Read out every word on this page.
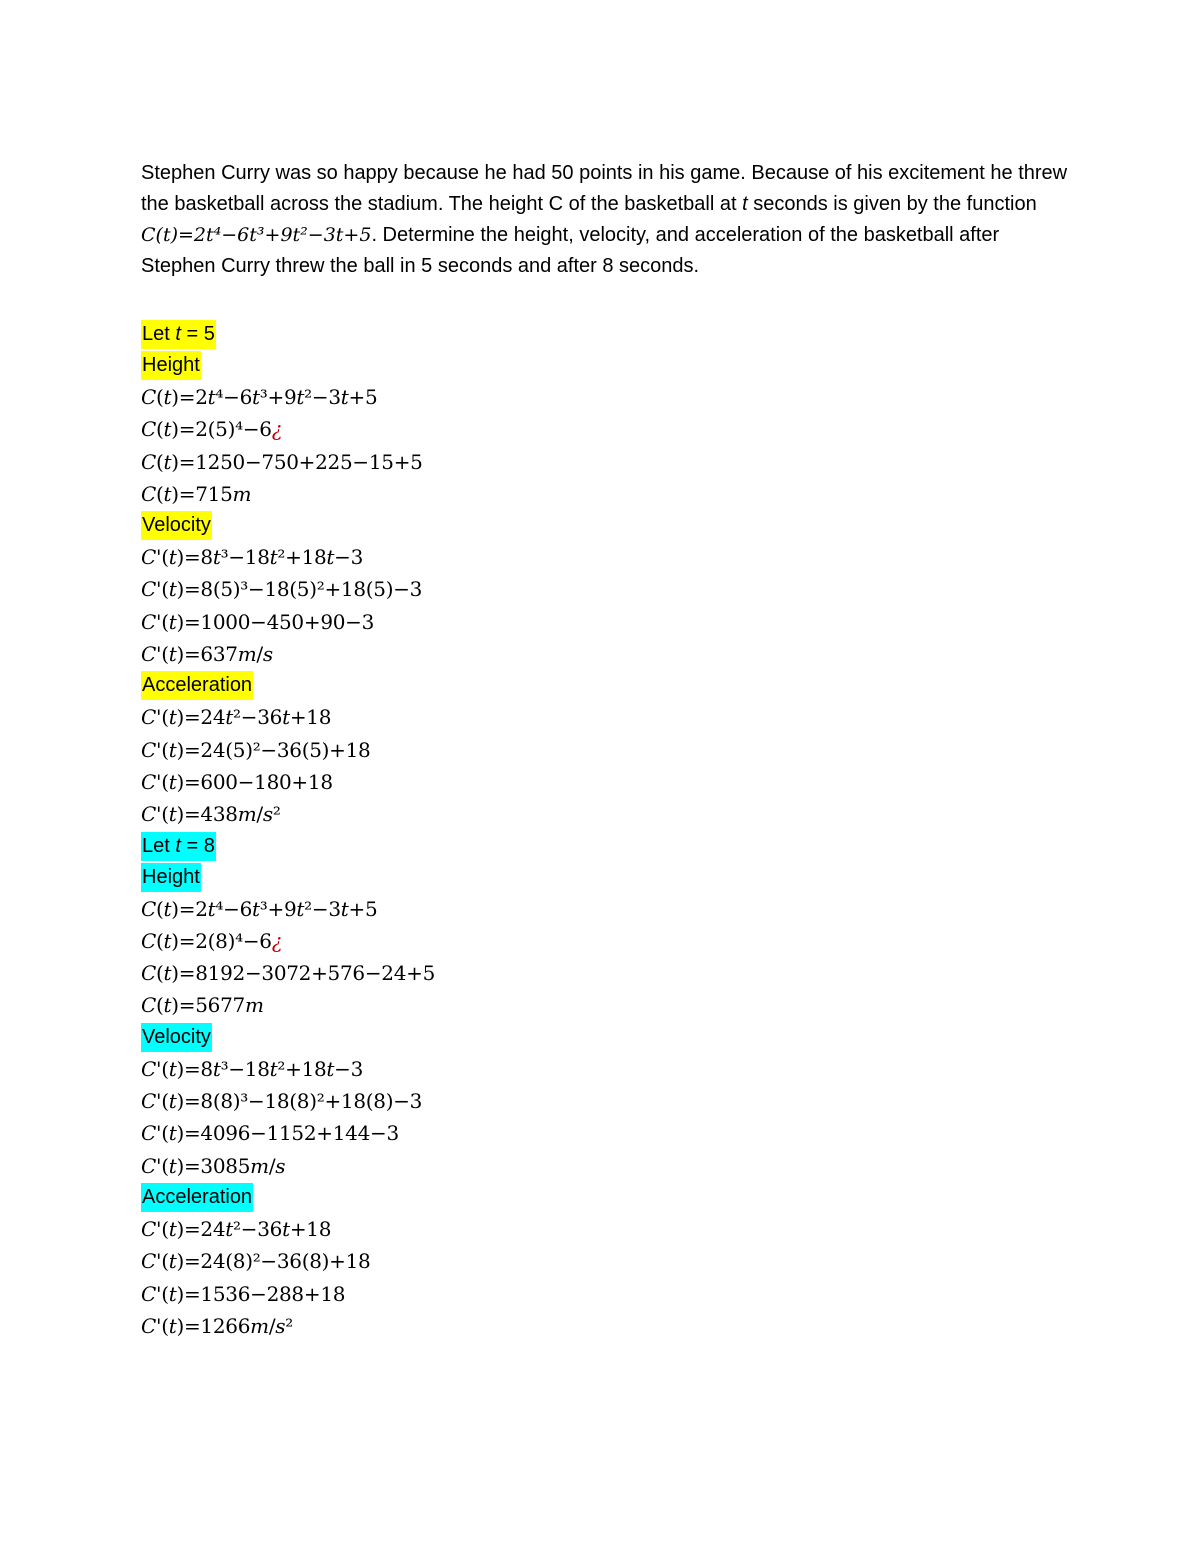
Stephen Curry was so happy because he had 50 points in his game. Because of his excitement he threw the basketball across the stadium. The height C of the basketball at t seconds is given by the function C(t)=2t⁴−6t³+9t²−3t+5. Determine the height, velocity, and acceleration of the basketball after Stephen Curry threw the ball in 5 seconds and after 8 seconds.

Let t = 5
Height
C(t)=2t⁴−6t³+9t²−3t+5
C(t)=2(5)⁴−6¿
C(t)=1250−750+225−15+5
C(t)=715m
Velocity
C'(t)=8t³−18t²+18t−3
C'(t)=8(5)³−18(5)²+18(5)−3
C'(t)=1000−450+90−3
C'(t)=637m/s
Acceleration
C'(t)=24t²−36t+18
C'(t)=24(5)²−36(5)+18
C'(t)=600−180+18
C'(t)=438m/s²
Let t = 8
Height
C(t)=2t⁴−6t³+9t²−3t+5
C(t)=2(8)⁴−6¿
C(t)=8192−3072+576−24+5
C(t)=5677m
Velocity
C'(t)=8t³−18t²+18t−3
C'(t)=8(8)³−18(8)²+18(8)−3
C'(t)=4096−1152+144−3
C'(t)=3085m/s
Acceleration
C'(t)=24t²−36t+18
C'(t)=24(8)²−36(8)+18
C'(t)=1536−288+18
C'(t)=1266m/s²
